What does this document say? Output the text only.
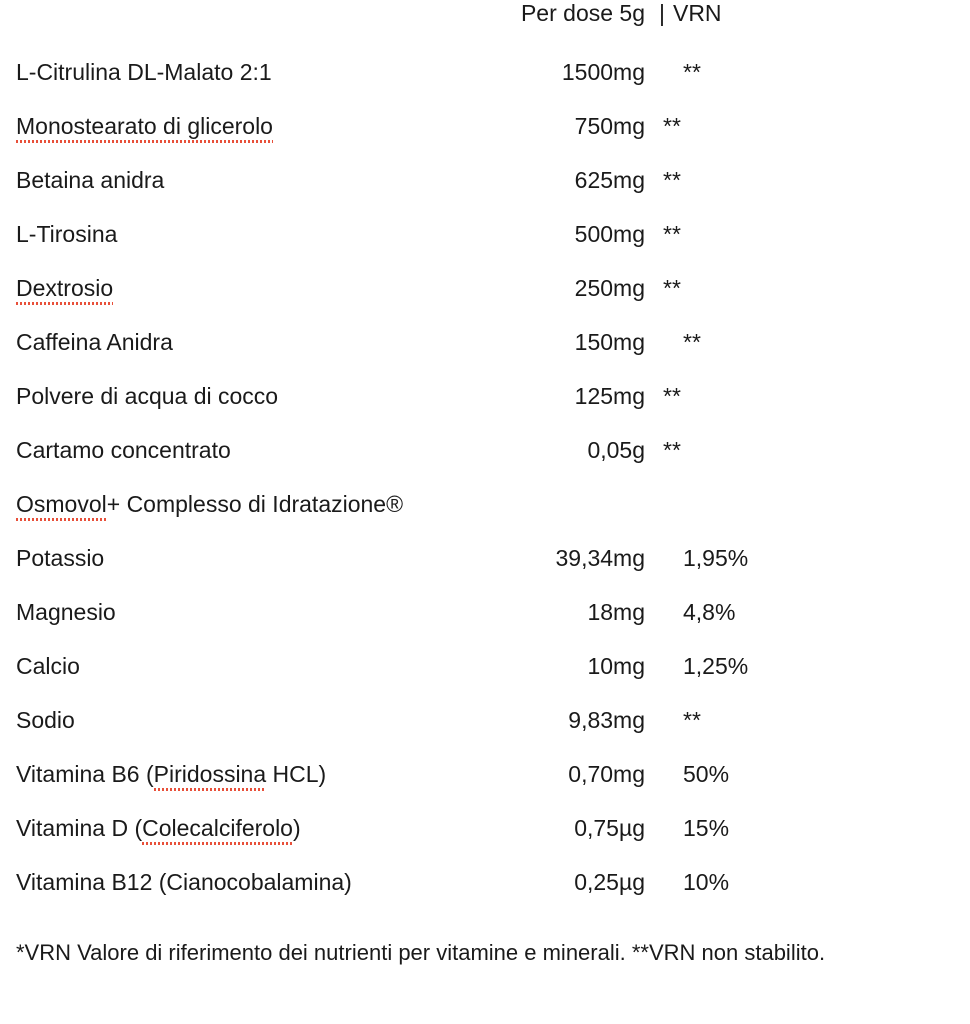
Per dose 5g | VRN
L-Citrulina DL-Malato 2:1	1500mg	**
Monostearato di glicerolo	750mg **
Betaina anidra	625mg **
L-Tirosina	500mg **
Dextrosio	250mg **
Caffeina Anidra	150mg	**
Polvere di acqua di cocco	125mg **
Cartamo concentrato	0,05g **
Osmovol+ Complesso di Idratazione®
Potassio	39,34mg	1,95%
Magnesio	18mg	4,8%
Calcio	10mg	1,25%
Sodio	9,83mg	**
Vitamina B6 (Piridossina HCL)	0,70mg	50%
Vitamina D (Colecalciferolo)	0,75µg	15%
Vitamina B12 (Cianocobalamina)	0,25µg	10%
*VRN Valore di riferimento dei nutrienti per vitamine e minerali. **VRN non stabilito.
